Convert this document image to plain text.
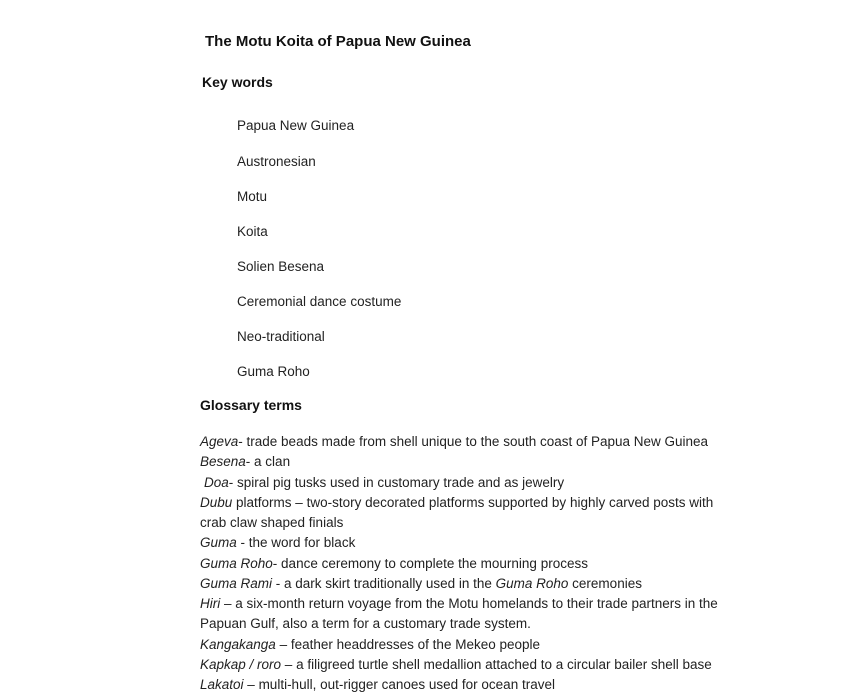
The Motu Koita of Papua New Guinea
Key words
Papua New Guinea
Austronesian
Motu
Koita
Solien Besena
Ceremonial dance costume
Neo-traditional
Guma Roho
Glossary terms
Ageva- trade beads made from shell unique to the south coast of Papua New Guinea
Besena- a clan
Doa- spiral pig tusks used in customary trade and as jewelry
Dubu platforms – two-story decorated platforms supported by highly carved posts with
crab claw shaped finials
Guma - the word for black
Guma Roho- dance ceremony to complete the mourning process
Guma Rami - a dark skirt traditionally used in the Guma Roho ceremonies
Hiri – a six-month return voyage from the Motu homelands to their trade partners in the
Papuan Gulf, also a term for a customary trade system.
Kangakanga – feather headdresses of the Mekeo people
Kapkap / roro – a filigreed turtle shell medallion attached to a circular bailer shell base
Lakatoi – multi-hull, out-rigger canoes used for ocean travel
